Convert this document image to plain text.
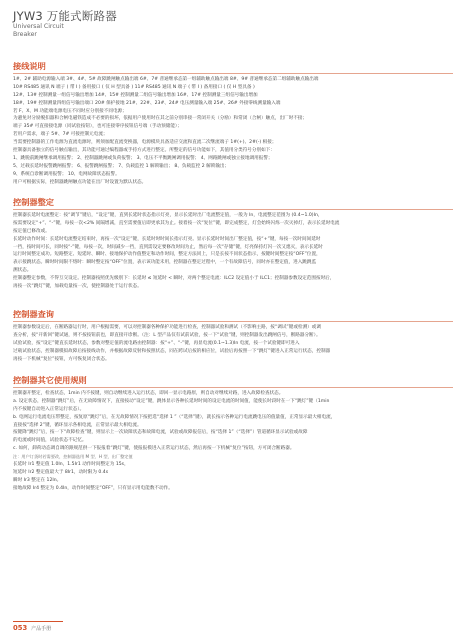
JYW3 万能式断路器
Universal Circuit
Breaker
接线说明
1#、2# 辅助电源输入端 3#、4#、5# 故障跳闸触点输出端 6#、7# 普通继承态第一组辅助触点输出端 8#、9# 普通继承态第二组辅助触点输出端
10# RS485 通讯 N 端子 ( 带 I ) 备用接口 ( 仅 H 型具备 ) 11# RS485 通讯 N 端子 ( 带 I ) 备用接口 ( 仅 H 型具备 )
12#、13# 控制测量一组信号输出增加 14#、15# 控制测量二组信号输出增加 16#、17# 控制测量三组信号输出增加
18#、19# 控制测量四组信号输出端口 20# 保护接地 21#、22#、23#、24# 电压测量输入端 25#、26# 外接零线测量输入端
若 F、X、M 功能端电源电压不同时应分别接不同电源；
为避免对分励脱扣器和合闸电磁铁造成不必要的损坏，依据用户使用时在其之前分别串接一常闭开关（分励）和常闭（合闸）触点，出厂时不接；
端子 35# 可直接接电源（同试验按钮），也可连接零序按钮信号端（手动预储能）；
若用户需求，端子 5#、7# 可接控制元电流；
当需要控制器的工作电源为直流电源时，则须加配直流变换器，电源模块具备适应交流和直流二次继流端子 1#(+)、2#(-) 相接；
控制器具备独立的信号触点输出，其功能可通过编程器或手持方式进行整定。所整定的信号功能如下，其值用分类符号分别如下：
1、跳脱前跳闸继承调用报警； 2、控制器跳闸或负荷报警； 3、电压不平衡跳闸调用报警； 4、网路跳闸或独立接地调用报警；
5、过载长延时报警跳闸报警； 6、报警跳闸报警； 7、负载监控 1 解锁输出； 8、负载监控 2 解锁输出；
9、系统自诊断调用报警； 10、电网故障状态报警。
用户可根据实际，控制器跳闸触点功能在出厂时设置为默认状态。
控制器整定
控制器长延时电流整定：按“调节”键后，“设定”键，直到长延时状态指示灯亮，显示长延时出厂电流整定值，一般为 In，电流整定范围为 (0.4~1.0)In，
按需要设定“+”、“-”键，每按一次<2% 间隔增减，直至需要值后即更承其为止。接着按一次“复位”键，即完成整定，灯会始终闪烁一次灭掉灯，表示长延时电流
按定值已修改或。
长延时动作时间：长延时电流整定结束时，再按一次“设定”键，长延时时时间长指示灯亮。显示长延时时间出厂整定值，按“+”键，每按一次时间间延时
一挡，按时间可长，同时按“-”键，每按一次，时间减少一挡，直到需设定要修改时间为止，然后每一次“存储”键，灯亮保持灯闪一次又熄灭，表示长延时
运行时间整定成功。短路整定、短延时、瞬时、接地保护动作值整定和动作时间，整定方法同上，只是长按不同状态指示，按键时间整定按“OFF”位置，
表示接跳状态。瞬时时间限不熔时：瞬时整定按“OFF”位置，表示该功能未用，控制器在整定过程中，一个有故障信号，同时亦在整定值，进入跳跳监
测状态。
控制器整定参数，不得互交设定。控制器按照优先级别下：长延时 ≤ 短延时 < 瞬时，对两个整定电流：ILC2 设定值小于 ILC1；控制器参数设定范围按时后，
再按一次“跳灯”键，加载电量按一次，使控制器处于运行状态。
控制器查询
控制器参数设定后，在断路器运行时，用户根据需要，可以对控制器各种保护功能进行检查，控制器试验和测试（不影响主路，按“调试”键或检测）或调
查分析，按“开新回”键试通，则不按按钮前也，即直接开诊断。（注：L 型产品仅有试前试验，按一下“试验”键，则控制器发出跳闸信号，断路器分断）。
试验试验，按“设定”键直长延时状态，参数对整定值的流电路由控制器：按“+”、“-”键，再显电流(0.1~1.3)In 电流，按一个试验键即可进入
过载试验状态，控制器模拟故障后按接线动作，并根据故障反射和按照状态，同在跨试后按的相应位，试验后再按照一下“跳灯”键进入正常运行状态，控制器
再按一下机械“复位”按钮，方可恢复闭合状态。
控制器其它使用规则
控制器开整定，检查状态，1min 内不按键，则自动继续进入运行状态，即回一显示电路原，则自动对继续对路，进入故障检查状态。
a. 设定状态，控制器“跳灯”后，在无故障情况下，直接按动“设定”键，跳体显示各种长延时时间的设定电流的时间值，能使长时段时在一下“跳灯”键（1min
内不按键自动进入正常运行状态）。
b. 电网运行电流电压带整定，按复原“跳灯”后，在无故障情况下按把选“选择 1 ”（“选择”键），就长按示各种运行电流跳电压的值量值，正常显示最大相电流，
直接按“选择 2”键，循环显示各相电流，正常显示最大相电流。
按键降“跳灯”后，按一下“故障检查”键，则显示上一次故障状态和故障电流，试验或故障报信后，按“选择 1”（“选择”）管道循环显示试验或故障
的电流或时间值，试验状态不记忆。
c. 如何，卸荷动态调自调的跟规范供一下报报着“跳灯”键，使报报模进入正常运行状态，然后再按一下机械“复位”按钮，方可闭合断路器。
注：用户订货时若需要改，控制器选用 M 型、H 型，出厂整定值
长延时 Ir1 整定值 1.0In，1.5Ir1 动作时间整定为 15s，
短延时 Ir2 整定值最大于 8Ir1，动时限为 0.4s
瞬时 Ir3 整定在 12In。
接地故障 Ir4 整定为 0.4In，动作时间整定“OFF”，只有显示用电能数不动作。
053 产品手册
